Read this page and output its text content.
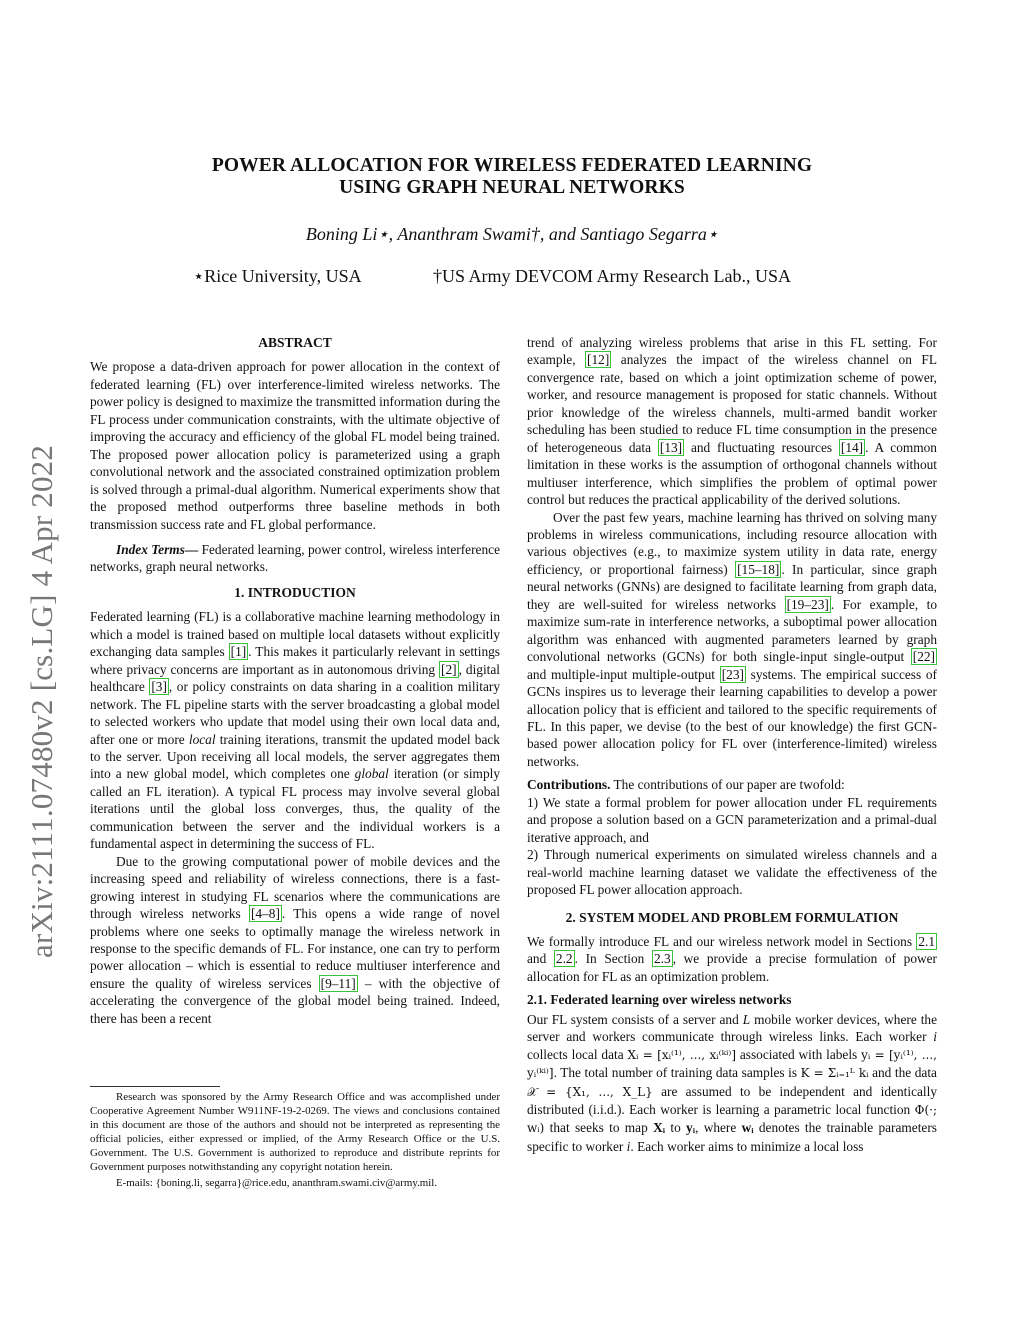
arXiv:2111.07480v2 [cs.LG] 4 Apr 2022
POWER ALLOCATION FOR WIRELESS FEDERATED LEARNING
USING GRAPH NEURAL NETWORKS
Boning Li⋆, Ananthram Swami†, and Santiago Segarra⋆
⋆Rice University, USA	†US Army DEVCOM Army Research Lab., USA

ABSTRACT

We propose a data-driven approach for power allocation in the context of federated learning (FL) over interference-limited wireless networks. The power policy is designed to maximize the transmitted information during the FL process under communication constraints, with the ultimate objective of improving the accuracy and efficiency of the global FL model being trained. The proposed power allocation policy is parameterized using a graph convolutional network and the associated constrained optimization problem is solved through a primal-dual algorithm. Numerical experiments show that the proposed method outperforms three baseline methods in both transmission success rate and FL global performance.

Index Terms— Federated learning, power control, wireless interference networks, graph neural networks.

1. INTRODUCTION

Federated learning (FL) is a collaborative machine learning methodology in which a model is trained based on multiple local datasets without explicitly exchanging data samples [1] . This makes it particularly relevant in settings where privacy concerns are important as in autonomous driving [2] , digital healthcare [3] , or policy constraints on data sharing in a coalition military network. The FL pipeline starts with the server broadcasting a global model to selected workers who update that model using their own local data and, after one or more local training iterations, transmit the updated model back to the server. Upon receiving all local models, the server aggregates them into a new global model, which completes one global iteration (or simply called an FL iteration). A typical FL process may involve several global iterations until the global loss converges, thus, the quality of the communication between the server and the individual workers is a fundamental aspect in determining the success of FL.

Due to the growing computational power of mobile devices and the increasing speed and reliability of wireless connections, there is a fast-growing interest in studying FL scenarios where the communications are through wireless networks [4–8] . This opens a wide range of novel problems where one seeks to optimally manage the wireless network in response to the specific demands of FL. For instance, one can try to perform power allocation – which is essential to reduce multiuser interference and ensure the quality of wireless services [9–11] – with the objective of accelerating the convergence of the global model being trained. Indeed, there has been a recent

Research was sponsored by the Army Research Office and was accomplished under Cooperative Agreement Number W911NF-19-2-0269. The views and conclusions contained in this document are those of the authors and should not be interpreted as representing the official policies, either expressed or implied, of the Army Research Office or the U.S. Government. The U.S. Government is authorized to reproduce and distribute reprints for Government purposes notwithstanding any copyright notation herein.

E-mails: {boning.li, segarra}@rice.edu, ananthram.swami.civ@army.mil.

trend of analyzing wireless problems that arise in this FL setting. For example, [12] analyzes the impact of the wireless channel on FL convergence rate, based on which a joint optimization scheme of power, worker, and resource management is proposed for static channels. Without prior knowledge of the wireless channels, multi-armed bandit worker scheduling has been studied to reduce FL time consumption in the presence of heterogeneous data [13] and fluctuating resources [14] . A common limitation in these works is the assumption of orthogonal channels without multiuser interference, which simplifies the problem of optimal power control but reduces the practical applicability of the derived solutions.

Over the past few years, machine learning has thrived on solving many problems in wireless communications, including resource allocation with various objectives (e.g., to maximize system utility in data rate, energy efficiency, or proportional fairness) [15–18] . In particular, since graph neural networks (GNNs) are designed to facilitate learning from graph data, they are well-suited for wireless networks [19–23] . For example, to maximize sum-rate in interference networks, a suboptimal power allocation algorithm was enhanced with augmented parameters learned by graph convolutional networks (GCNs) for both single-input single-output [22] and multiple-input multiple-output [23] systems. The empirical success of GCNs inspires us to leverage their learning capabilities to develop a power allocation policy that is efficient and tailored to the specific requirements of FL. In this paper, we devise (to the best of our knowledge) the first GCN-based power allocation policy for FL over (interference-limited) wireless networks.

Contributions. The contributions of our paper are twofold:

1) We state a formal problem for power allocation under FL requirements and propose a solution based on a GCN parameterization and a primal-dual iterative approach, and

2) Through numerical experiments on simulated wireless channels and a real-world machine learning dataset we validate the effectiveness of the proposed FL power allocation approach.

2. SYSTEM MODEL AND PROBLEM FORMULATION

We formally introduce FL and our wireless network model in Sections 2.1 and 2.2 . In Section 2.3 , we provide a precise formulation of power allocation for FL as an optimization problem.

2.1. Federated learning over wireless networks

Our FL system consists of a server and L mobile worker devices, where the server and workers communicate through wireless links. Each worker i collects local data Xᵢ = [xᵢ⁽¹⁾, ..., xᵢ⁽ᵏⁱ⁾] associated with labels yᵢ = [yᵢ⁽¹⁾, ..., yᵢ⁽ᵏⁱ⁾]. The total number of training data samples is K = Σᵢ₌₁ᴸ kᵢ and the data 𝒳 = {X₁, ..., X_L} are assumed to be independent and identically distributed (i.i.d.). Each worker is learning a parametric local function Φ(·; wᵢ) that seeks to map Xᵢ to yᵢ, where wᵢ denotes the trainable parameters specific to worker i. Each worker aims to minimize a local loss
